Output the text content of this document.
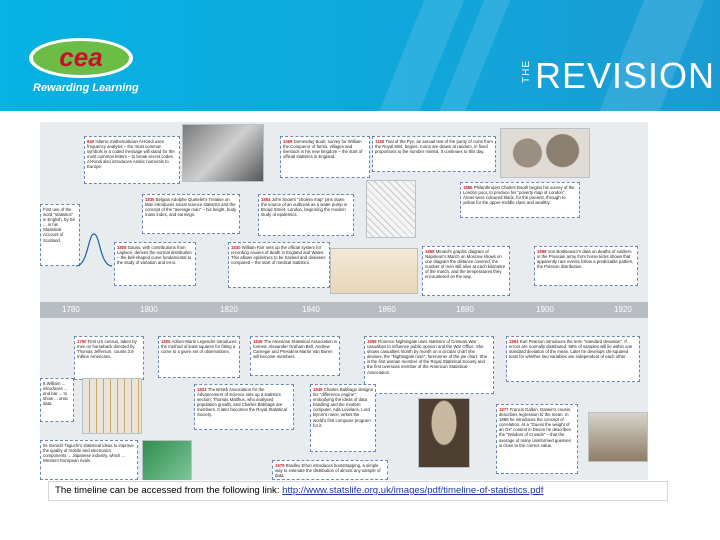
cea
Rewarding Learning
THE REVISION
1780	1800	1820	1840	1860	1880	1900	1920
840 Islamic mathematician Al-Kindi uses frequency analysis – the most common symbols in a coded message will stand for the most common letters – to break secret codes. Al-Kindi also introduces Arabic numerals to Europe.
1069 Domesday Book: survey for William the Conqueror of farms, villages and livestock in his new kingdom – the start of official statistics in England.
1150 Trial of the Pyx, an annual test of the purity of coins from the Royal Mint, begins. Coins are drawn at random, in fixed proportions to the number minted. It continues to this day.
First use of the word "statistics" in English, by Sir ... in his Statistical Account of Scotland.
1835 Belgian Adolphe Quetelet's Treatise on Man introduces social science statistics and the concept of the "average man" – his height, body mass index, and earnings.
1854 John Snow's "cholera map" pins down the source of an outbreak as a water pump in Broad Street, London, beginning the modern study of epidemics.
1886 Philanthropist Charles Booth begins his survey of the London poor, to produce his "poverty map of London". Areas were coloured black, for the poorest, through to yellow for the upper-middle class and wealthy.
1808 Gauss, with contributions from Laplace, derives the normal distribution – the bell-shaped curve fundamental to the study of variation and error.
1840 William Farr sets up the official system for recording causes of death in England and Wales. This allows epidemics to be tracked and diseases compared – the start of medical statistics.
1868 Minard's graphic diagram of Napoleon's March on Moscow shows on one diagram the distance covered, the number of men still alive at each kilometre of the march, and the temperatures they encountered on the way.
1898 Von Bortkiewicz's data on deaths of soldiers in the Prussian army from horse kicks shows that apparently rare events follow a predictable pattern, the Poisson distribution.
1790 First US census, taken by men on horseback directed by Thomas Jefferson, counts 3.9 million Americans.
1805 Adrien-Marie Legendre introduces the method of least squares for fitting a curve to a given set of observations.
1839 The American Statistical Association is formed. Alexander Graham Bell, Andrew Carnegie and President Martin Van Buren will become members.
1859 Florence Nightingale uses statistics of Crimean War casualties to influence public opinion and the War Office. She shows casualties month by month on a circular chart she devises, the "Nightingale rose", forerunner of the pie chart. She is the first woman member of the Royal Statistical Society and the first overseas member of the American Statistical Association.
1894 Karl Pearson introduces the term "standard deviation". If errors are normally distributed, 68% of samples will lie within one standard deviation of the mean. Later he develops chi-squared tests for whether two variables are independent of each other.
6 William ... introduces ... and bar ... to show ... omic data.
1823 The British Association for the Advancement of Science sets up a statistics section. Thomas Malthus, who analysed population growth, and Charles Babbage are members. It later becomes the Royal Statistical Society.
1849 Charles Babbage designs his "difference engine", embodying the ideas of data handling and the modern computer. Ada Lovelace, Lord Byron's niece, writes the world's first computer program for it.
1877 Francis Galton, Darwin's cousin, describes regression to the mean. In 1888 he introduces the concept of correlation. At a "Guess the weight of an Ox" contest in Devon he describes the "Wisdom of Crowds" – that the average of many uninformed guesses is close to the correct value.
0s Genichi Taguchi's statistical ideas to improve the quality of mobile and electronics components ... Japanese industry, which ... Western European rivals.
1979 Bradley Efron introduces bootstrapping, a simple way to estimate the distribution of almost any sample of data.
The timeline can be accessed from the following link: http://www.statslife.org.uk/images/pdf/timeline-of-statistics.pdf
